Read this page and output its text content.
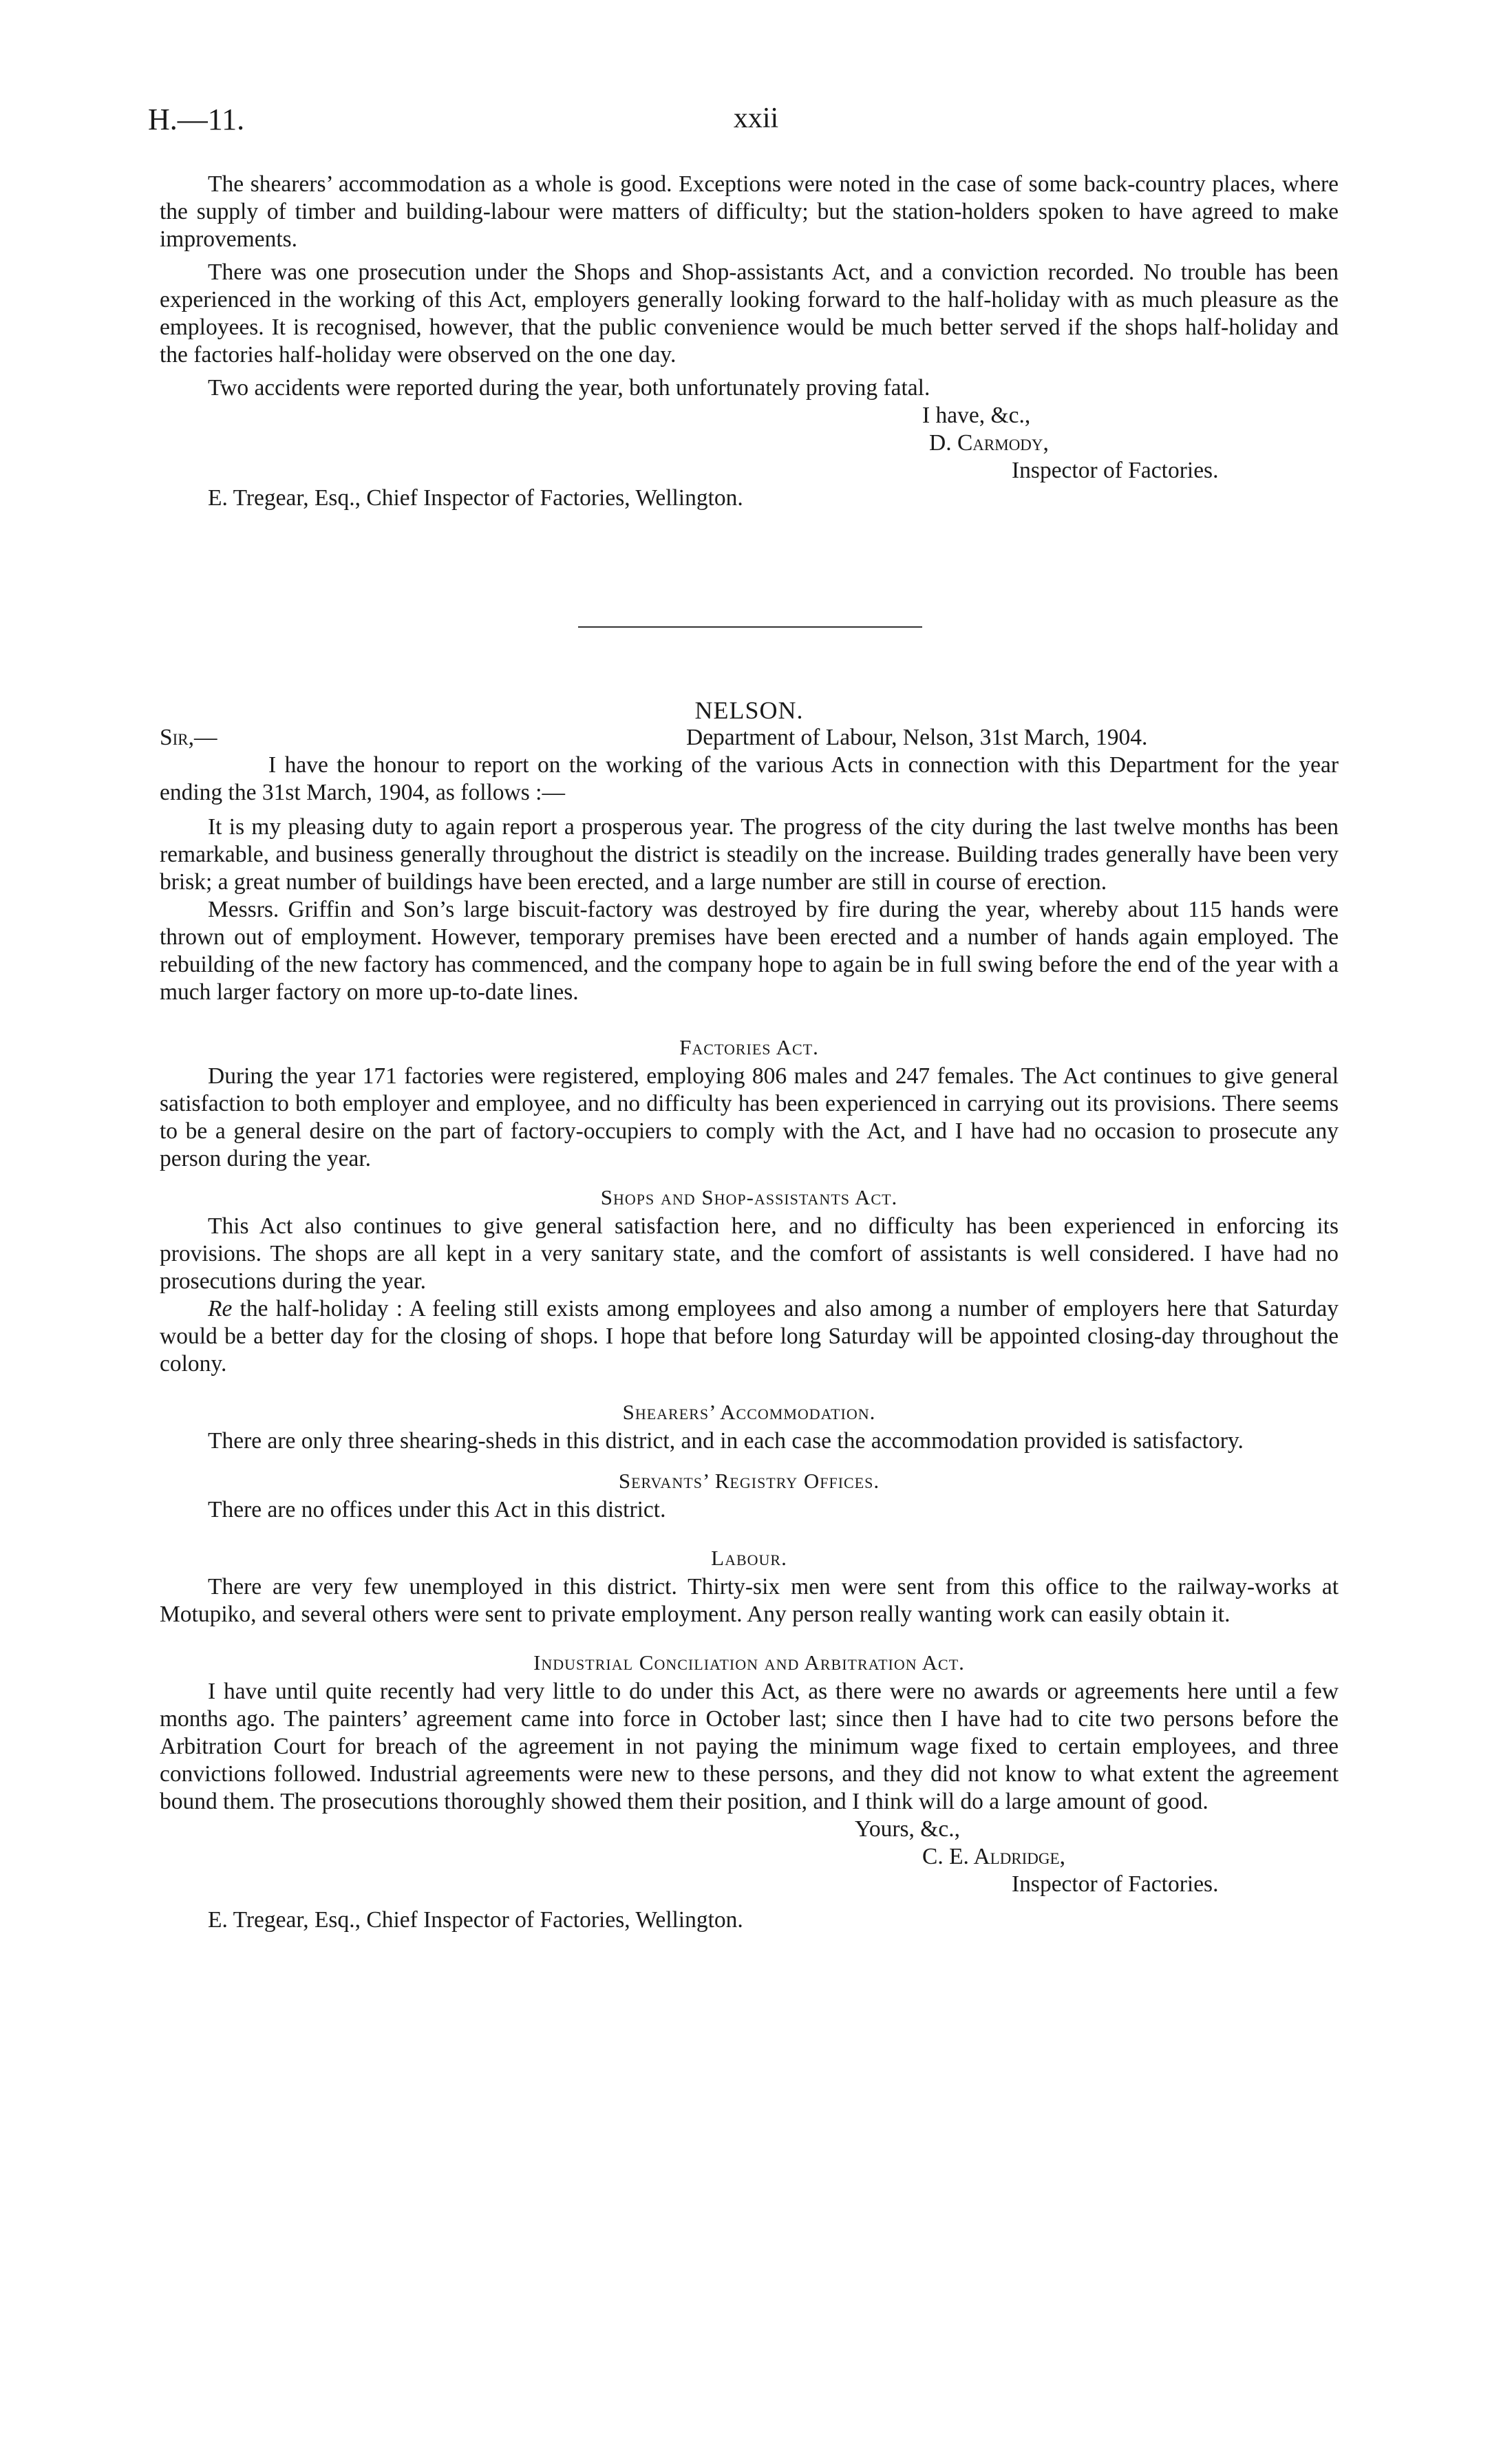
H.—11.	xxii

The shearers’ accommodation as a whole is good. Exceptions were noted in the case of some back-country places, where the supply of timber and building-labour were matters of difficulty; but the station-holders spoken to have agreed to make improvements.

There was one prosecution under the Shops and Shop-assistants Act, and a conviction recorded. No trouble has been experienced in the working of this Act, employers generally looking forward to the half-holiday with as much pleasure as the employees. It is recognised, however, that the public convenience would be much better served if the shops half-holiday and the factories half-holiday were observed on the one day.

Two accidents were reported during the year, both unfortunately proving fatal.

I have, &c.,
D. Carmody,
Inspector of Factories.
E. Tregear, Esq., Chief Inspector of Factories, Wellington.
NELSON.
Sir,—	Department of Labour, Nelson, 31st March, 1904.

I have the honour to report on the working of the various Acts in connection with this Department for the year ending the 31st March, 1904, as follows :—

It is my pleasing duty to again report a prosperous year. The progress of the city during the last twelve months has been remarkable, and business generally throughout the district is steadily on the increase. Building trades generally have been very brisk; a great number of buildings have been erected, and a large number are still in course of erection.

Messrs. Griffin and Son’s large biscuit-factory was destroyed by fire during the year, whereby about 115 hands were thrown out of employment. However, temporary premises have been erected and a number of hands again employed. The rebuilding of the new factory has commenced, and the company hope to again be in full swing before the end of the year with a much larger factory on more up-to-date lines.

Factories Act.

During the year 171 factories were registered, employing 806 males and 247 females. The Act continues to give general satisfaction to both employer and employee, and no difficulty has been experienced in carrying out its provisions. There seems to be a general desire on the part of factory-occupiers to comply with the Act, and I have had no occasion to prosecute any person during the year.

Shops and Shop-assistants Act.

This Act also continues to give general satisfaction here, and no difficulty has been experienced in enforcing its provisions. The shops are all kept in a very sanitary state, and the comfort of assistants is well considered. I have had no prosecutions during the year.

Re the half-holiday : A feeling still exists among employees and also among a number of employers here that Saturday would be a better day for the closing of shops. I hope that before long Saturday will be appointed closing-day throughout the colony.

Shearers’ Accommodation.

There are only three shearing-sheds in this district, and in each case the accommodation provided is satisfactory.

Servants’ Registry Offices.

There are no offices under this Act in this district.

Labour.

There are very few unemployed in this district. Thirty-six men were sent from this office to the railway-works at Motupiko, and several others were sent to private employment. Any person really wanting work can easily obtain it.

Industrial Conciliation and Arbitration Act.

I have until quite recently had very little to do under this Act, as there were no awards or agreements here until a few months ago. The painters’ agreement came into force in October last; since then I have had to cite two persons before the Arbitration Court for breach of the agreement in not paying the minimum wage fixed to certain employees, and three convictions followed. Industrial agreements were new to these persons, and they did not know to what extent the agreement bound them. The prosecutions thoroughly showed them their position, and I think will do a large amount of good.

Yours, &c.,
C. E. Aldridge,
Inspector of Factories.
E. Tregear, Esq., Chief Inspector of Factories, Wellington.
